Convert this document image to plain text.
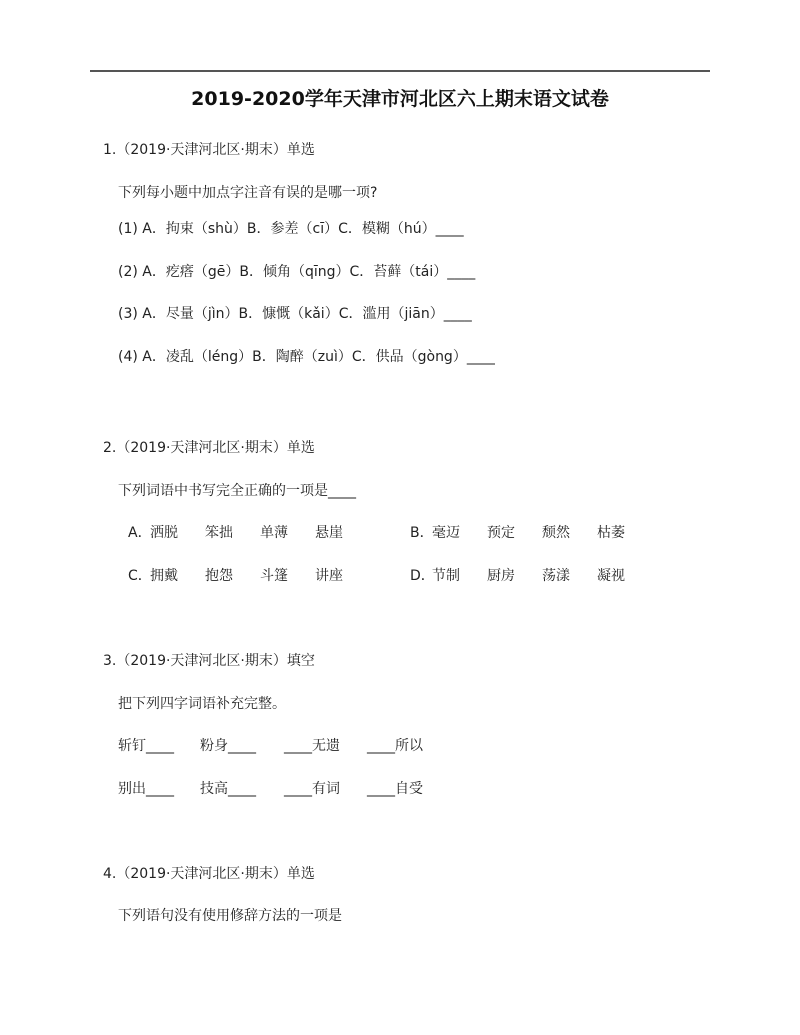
2019-2020学年天津市河北区六上期末语文试卷
1.（2019·天津河北区·期末）单选
下列每小题中加点字注音有误的是哪一项?
(1) A．拘束（shù）B．参差（cī）C．模糊（hú）____
(2) A．疙瘩（gē）B．倾角（qīng）C．苔藓（tái）____
(3) A．尽量（jìn）B．慷慨（kǎi）C．滥用（jiān）____
(4) A．凌乱（léng）B．陶醉（zuì）C．供品（gòng）____
2.（2019·天津河北区·期末）单选
下列词语中书写完全正确的一项是____
A．
洒脱 笨拙 单薄 悬崖	B．
毫迈 预定 颓然 枯萎
C．
拥戴 抱怨 斗篷 讲座	D．
节制 厨房 荡漾 凝视
3.（2019·天津河北区·期末）填空
把下列四字词语补充完整。
斩钉____ 粉身____ ____无遗 ____所以
别出____ 技高____ ____有词 ____自受
4.（2019·天津河北区·期末）单选
下列语句没有使用修辞方法的一项是
